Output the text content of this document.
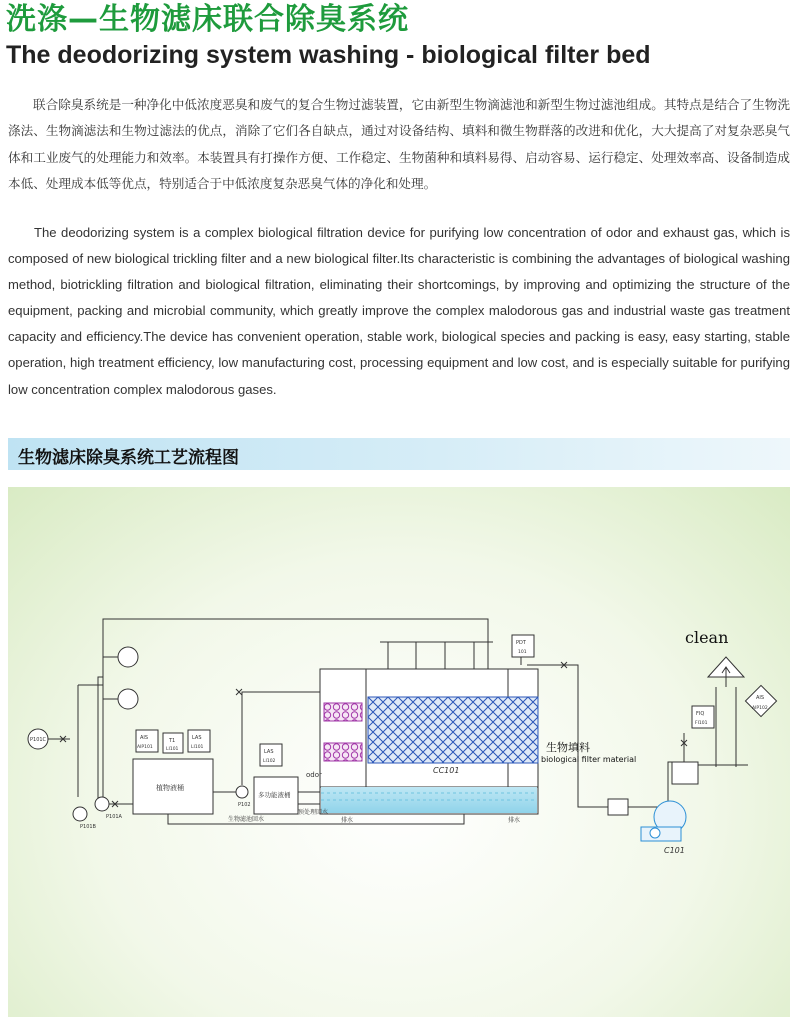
洗涤—生物滤床联合除臭系统
The deodorizing system washing - biological filter bed

联合除臭系统是一种净化中低浓度恶臭和废气的复合生物过滤装置，它由新型生物滴滤池和新型生物过滤池组成。其特点是结合了生物洗涤法、生物滴滤法和生物过滤法的优点，消除了它们各自缺点，通过对设备结构、填料和微生物群落的改进和优化，大大提高了对复杂恶臭气体和工业废气的处理能力和效率。本装置具有打操作方便、工作稳定、生物菌种和填料易得、启动容易、运行稳定、处理效率高、设备制造成本低、处理成本低等优点，特别适合于中低浓度复杂恶臭气体的净化和处理。

The deodorizing system is a complex biological filtration device for purifying low concentration of odor and exhaust gas, which is composed of new biological trickling filter and a new biological filter.Its characteristic is combining the advantages of biological washing method, biotrickling filtration and biological filtration, eliminating their shortcomings, by improving and optimizing the structure of the equipment, packing and microbial community, which greatly improve the complex malodorous gas and industrial waste gas treatment capacity and efficiency.The device has convenient operation, stable work, biological species and packing is easy, easy starting, stable operation, high treatment efficiency, low manufacturing cost, processing equipment and low cost, and is especially suitable for purifying low concentration complex malodorous gases.

生物滤床除臭系统工艺流程图
clean
生物填料
biological filter material
CC101
C101
odor
植物液桶
多功能液桶
生物滤池回水	排水	排水
预处理回水
P101B
P101A
P102
P101C	AIS
AIP101
T1
LI101
LAS
LI101
LAS
LI102
PDT
101
FIQ
FI101
AIS
AIP102
